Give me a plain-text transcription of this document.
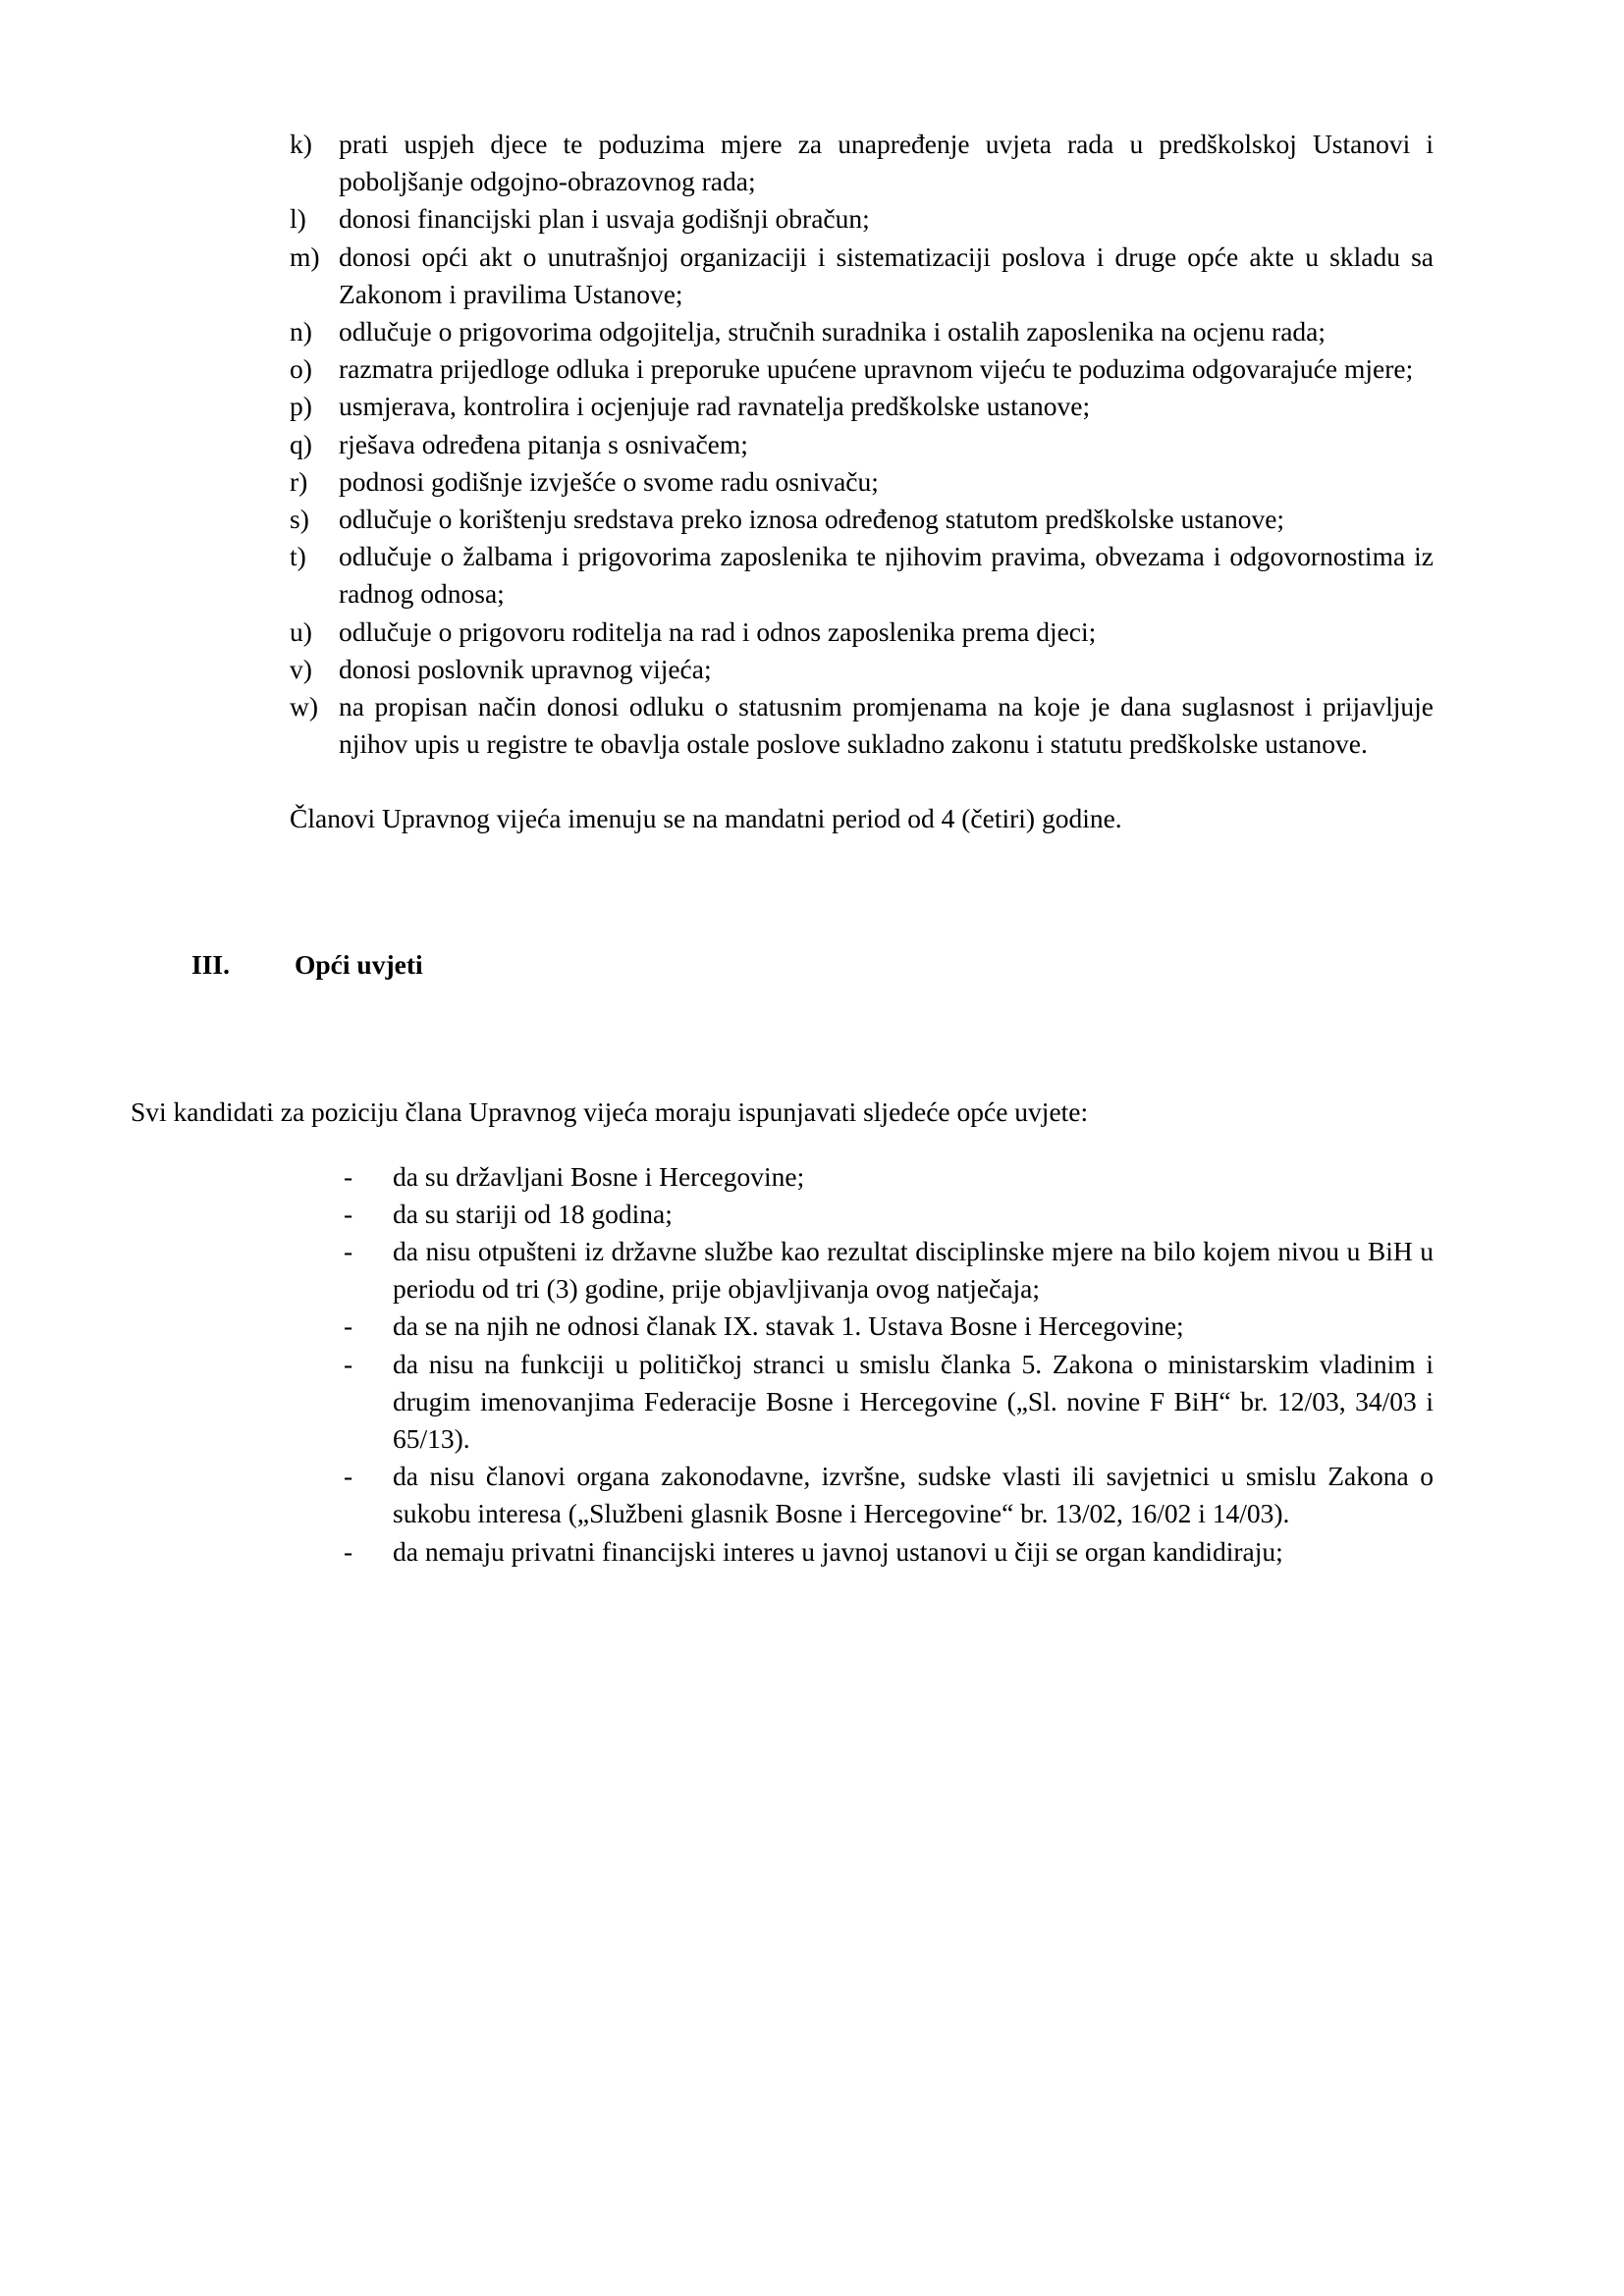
k) prati uspjeh djece te poduzima mjere za unapređenje uvjeta rada u predškolskoj Ustanovi i poboljšanje odgojno-obrazovnog rada;
l)	donosi financijski plan i usvaja godišnji obračun;
m) donosi opći akt o unutrašnjoj organizaciji i sistematizaciji poslova i druge opće akte u skladu sa Zakonom i pravilima Ustanove;
n) odlučuje o prigovorima odgojitelja, stručnih suradnika i ostalih zaposlenika na ocjenu rada;
o) razmatra prijedloge odluka i preporuke upućene upravnom vijeću te poduzima odgovarajuće mjere;
p) usmjerava, kontrolira i ocjenjuje rad ravnatelja predškolske ustanove;
q) rješava određena pitanja s osnivačem;
r)	podnosi godišnje izvješće o svome radu osnivaču;
s)	odlučuje o korištenju sredstava preko iznosa određenog statutom predškolske ustanove;
t)	odlučuje o žalbama i prigovorima zaposlenika te njihovim pravima, obvezama i odgovornostima iz radnog odnosa;
u) odlučuje o prigovoru roditelja na rad i odnos zaposlenika prema djeci;
v) donosi poslovnik upravnog vijeća;
w) na propisan način donosi odluku o statusnim promjenama na koje je dana suglasnost i prijavljuje njihov upis u registre te obavlja ostale poslove sukladno zakonu i statutu predškolske ustanove.

Članovi Upravnog vijeća imenuju se na mandatni period od 4 (četiri) godine.

III.	Opći uvjeti

Svi kandidati za poziciju člana Upravnog vijeća moraju ispunjavati sljedeće opće uvjete:

-	da su državljani Bosne i Hercegovine;
-	da su stariji od 18 godina;
-	da nisu otpušteni iz državne službe kao rezultat disciplinske mjere na bilo kojem nivou u BiH u periodu od tri (3) godine, prije objavljivanja ovog natječaja;
-	da se na njih ne odnosi članak IX. stavak 1. Ustava Bosne i Hercegovine;
-	da nisu na funkciji u političkoj stranci u smislu članka 5. Zakona o ministarskim vladinim i drugim imenovanjima Federacije Bosne i Hercegovine („Sl. novine F BiH“ br. 12/03, 34/03 i 65/13).
-	da nisu članovi organa zakonodavne, izvršne, sudske vlasti ili savjetnici u smislu Zakona o sukobu interesa („Službeni glasnik Bosne i Hercegovine“ br. 13/02, 16/02 i 14/03).
-	da nemaju privatni financijski interes u javnoj ustanovi u čiji se organ kandidiraju;
